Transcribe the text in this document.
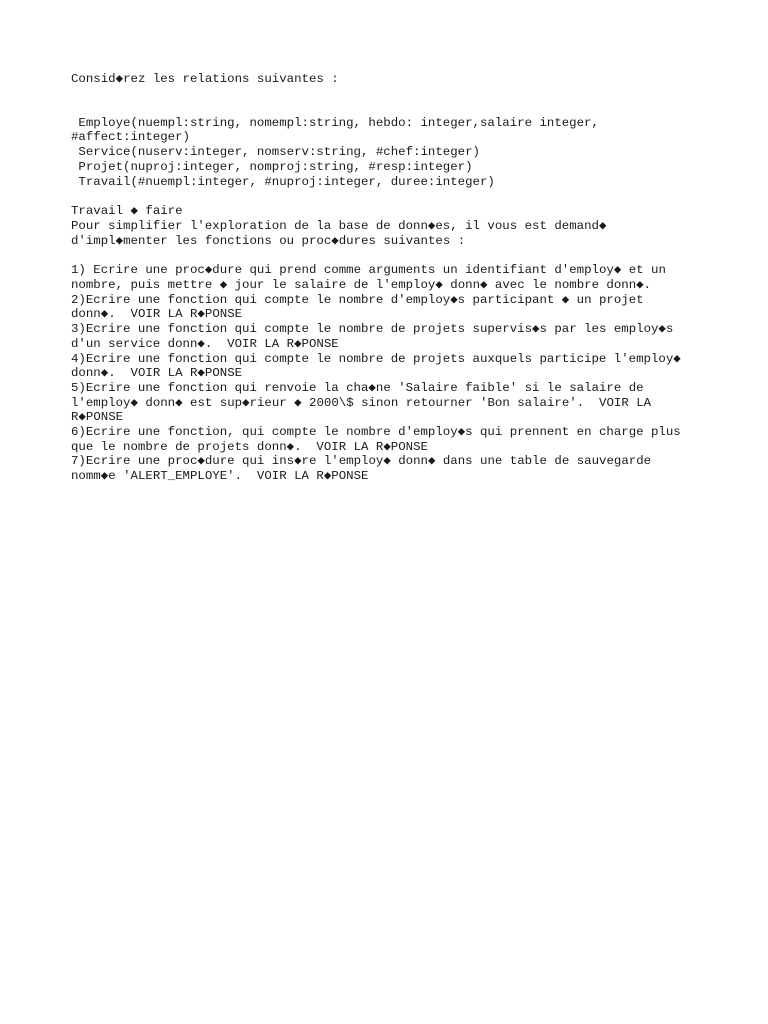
Consid◆rez les relations suivantes :
Employe(nuempl:string, nomempl:string, hebdo: integer,salaire integer,
#affect:integer)
Service(nuserv:integer, nomserv:string, #chef:integer)
Projet(nuproj:integer, nomproj:string, #resp:integer)
Travail(#nuempl:integer, #nuproj:integer, duree:integer)
Travail ◆ faire
Pour simplifier l'exploration de la base de donn◆es, il vous est demand◆
d'impl◆menter les fonctions ou proc◆dures suivantes :
1) Ecrire une proc◆dure qui prend comme arguments un identifiant d'employ◆ et un
nombre, puis mettre ◆ jour le salaire de l'employ◆ donn◆ avec le nombre donn◆.
2)Ecrire une fonction qui compte le nombre d'employ◆s participant ◆ un projet
donn◆.  VOIR LA R◆PONSE
3)Ecrire une fonction qui compte le nombre de projets supervis◆s par les employ◆s
d'un service donn◆.  VOIR LA R◆PONSE
4)Ecrire une fonction qui compte le nombre de projets auxquels participe l'employ◆
donn◆.  VOIR LA R◆PONSE
5)Ecrire une fonction qui renvoie la cha◆ne 'Salaire faible' si le salaire de
l'employ◆ donn◆ est sup◆rieur ◆ 2000\$ sinon retourner 'Bon salaire'.  VOIR LA
R◆PONSE
6)Ecrire une fonction, qui compte le nombre d'employ◆s qui prennent en charge plus
que le nombre de projets donn◆.  VOIR LA R◆PONSE
7)Ecrire une proc◆dure qui ins◆re l'employ◆ donn◆ dans une table de sauvegarde
nomm◆e 'ALERT_EMPLOYE'.  VOIR LA R◆PONSE
